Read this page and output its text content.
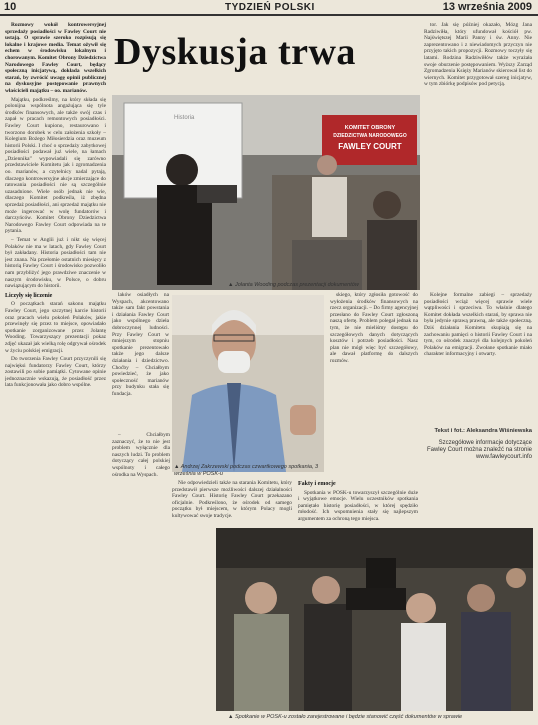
10	TYDZIEŃ POLSKI	13 września 2009

Rozmowy wokół kontrowersyjnej sprzedaży posiadłości w Fawley Court nie ustają. O sprawie szeroko rozpisują się lokalne i krajowe media. Temat ożywił się echem w środowisku lokalnym i chorowanym. Komitet Obrony Dziedzictwa Narodowego Fawley Court, będący społeczną inicjatywą, dokłada wszelkich starań, by zwrócić uwagę opinii publicznej na dyskusyjne postępowanie prawnych właścicieli majątku – oo. marianów.

Majątku, podkreślmy, na który składa się polonijna wspólnota angażująca się tyle środków finansowych, ale także swój czas i zapał w pracach remontowych posiadłości. Fawley Court kupiono, restaurowano i tworzono dorobek w celu założenia szkoły – Kolegium Bożego Miłosierdzia oraz muzeum historii Polski. I choć o sprzedaży zabytkowej posiadłości podawał już wiele, na łamach „Dziennika” wypowiadali się zarówno przedstawiciele Komitetu jak i zgromadzenia oo. marianów, a czytelnicy nadal pytają, dlaczego kontrowersyjne akcje zmierzające do ratowania posiadłości nie są szczególnie uzasadnione. Wiele osób jednak nie wie, dlaczego Komitet podkreśla, iż zbędna sprzedaż posiadłości, ani sprzedaż majątku nie może ingerować w wolę fundatorów i darczyńców. Komitet Obrony Dziedzictwa Narodowego Fawley Court odpowiada na te pytania.

– Temat w Anglii już i nikt się więcej Polaków nie ma w latach, gdy Fawley Court był zakładany. Historia posiadłości tam nie jest znana. Na przełomie ostatnich miesięcy z historią Fawley Court i środowisko pozwoliło nam przybliżyć jego prawdziwe znaczenie w naszym środowisku, w Polsce, o dobru nawiązującym do historii.

Liczyły się liczenie

O początkach starań sakonu majątku Fawley Court, jego szczytnej karcie historii oraz pracach wielu pokoleń Polaków, jakie przewinęły się przez to miejsce, opowiadało spotkanie zorganizowane przez Jolantę Wooding. Towarzyszący prezentacji pokaz zdjęć ukazał jak wielką rolę odgrywał ośrodek w życiu polskiej emigracji.

Do tworzenia Fawley Court przyczynili się najwięksi fundatorzy Fawley Court, którzy zostawili po sobie pamiątki. Cytowane opinie jednoznacznie wskazują, że posiadłość przez lata funkcjonowała jako dobro wspólne.

Dyskusja trwa

tor. Jak się później okazało, Mózg Jana Radziwiłła, który ufundował kościół pw. Najświętszej Marii Panny i św. Anny. Nie zaprezentowano i z niewiadomych przyczyn nie przyjęto takich propozycji. Rozmowy toczyły się latami. Rodzina Radziwiłłów także wyrażała swoje oburzenie postępowaniem. Wyższy Zarząd Zgromadzenia Księży Marianów skierował list do wiernych. Komitet przygotował szereg inicjatyw, w tym zbiórkę podpisów pod petycją.

Historia
KOMITET OBRONY
DZIEDZICTWA NARODOWEGO
FAWLEY COURT
▲ Jolanta Wooding podczas prezentacji dokumentów

laków osiadłych na Wyspach, akcentowano także sam fakt powstania i działania Fawley Court jako wspólnego dzieła dobroczynnej ludności. Przy Fawley Court w mniejszym stopniu spotkanie prezentowało także jego dalsze działania i dziedzictwo. Choćby – Chciałbym powiedzieć, że jako społeczność marianów przy budynku stała się fundacja.

– Chciałbym zaznaczyć, że to nie jest problem wyłącznie dla naszych ludzi. To problem dotyczący całej polskiej wspólnoty i całego ośrodka na Wyspach.

▲ Andrzej Zakrzewski podczas czwartkowego spotkania, 3 września w POSK-u

skiego, który zgłosiła gotowość do wyłożenia środków finansowych na rzecz organizacji. – Do firmy agencyjnej przesłano do Fawley Court zgłoszoną naszą ofertę. Problem polegał jednak na tym, że nie mieliśmy dostępu do szczegółowych danych dotyczących kosztów i potrzeb posiadłości. Nasz plan nie mógł więc być szczegółowy, ale dawał platformę do dalszych rozmów.

Kolejne formalne zabiegi – sprzedaży posiadłości wciąż więcej sprawie wiele wątpliwości i sprzeciwu. To właśnie dlatego Komitet dokłada wszelkich starań, by sprawa nie była jedynie sprawą prawną, ale także społeczną. Dziś działania Komitetu skupiają się na zachowaniu pamięci o historii Fawley Court i na tym, co ośrodek znaczył dla kolejnych pokoleń Polaków na emigracji. Zwołane spotkanie miało charakter informacyjny i otwarty.

Szczegółowe informacje dotyczące Fawley Court można znaleźć na stronie www.fawleycourt.info
Tekst i fot.: Aleksandra Wiśniewska

Nie odpowiedzieli także na starania Komitetu, który przedstawił pierwsze możliwości dalszej działalności Fawley Court. Historię Fawley Court przekazano oficjalnie. Podkreślono, że ośrodek od samego początku był miejscem, w którym Polacy mogli kultywować swoje tradycje.

Fakty i emocje

Spotkania w POSK-u towarzyszył szczególnie duże i wyjątkowe emocje. Wielu uczestników spotkania pamiętało historię posiadłości, w której spędziło młodość. Ich wspomnienia stały się najlepszym argumentem za ochroną tego miejsca.

▲ Spotkanie w POSK-u zostało zarejestrowane i będzie stanowić część dokumentów w sprawie
